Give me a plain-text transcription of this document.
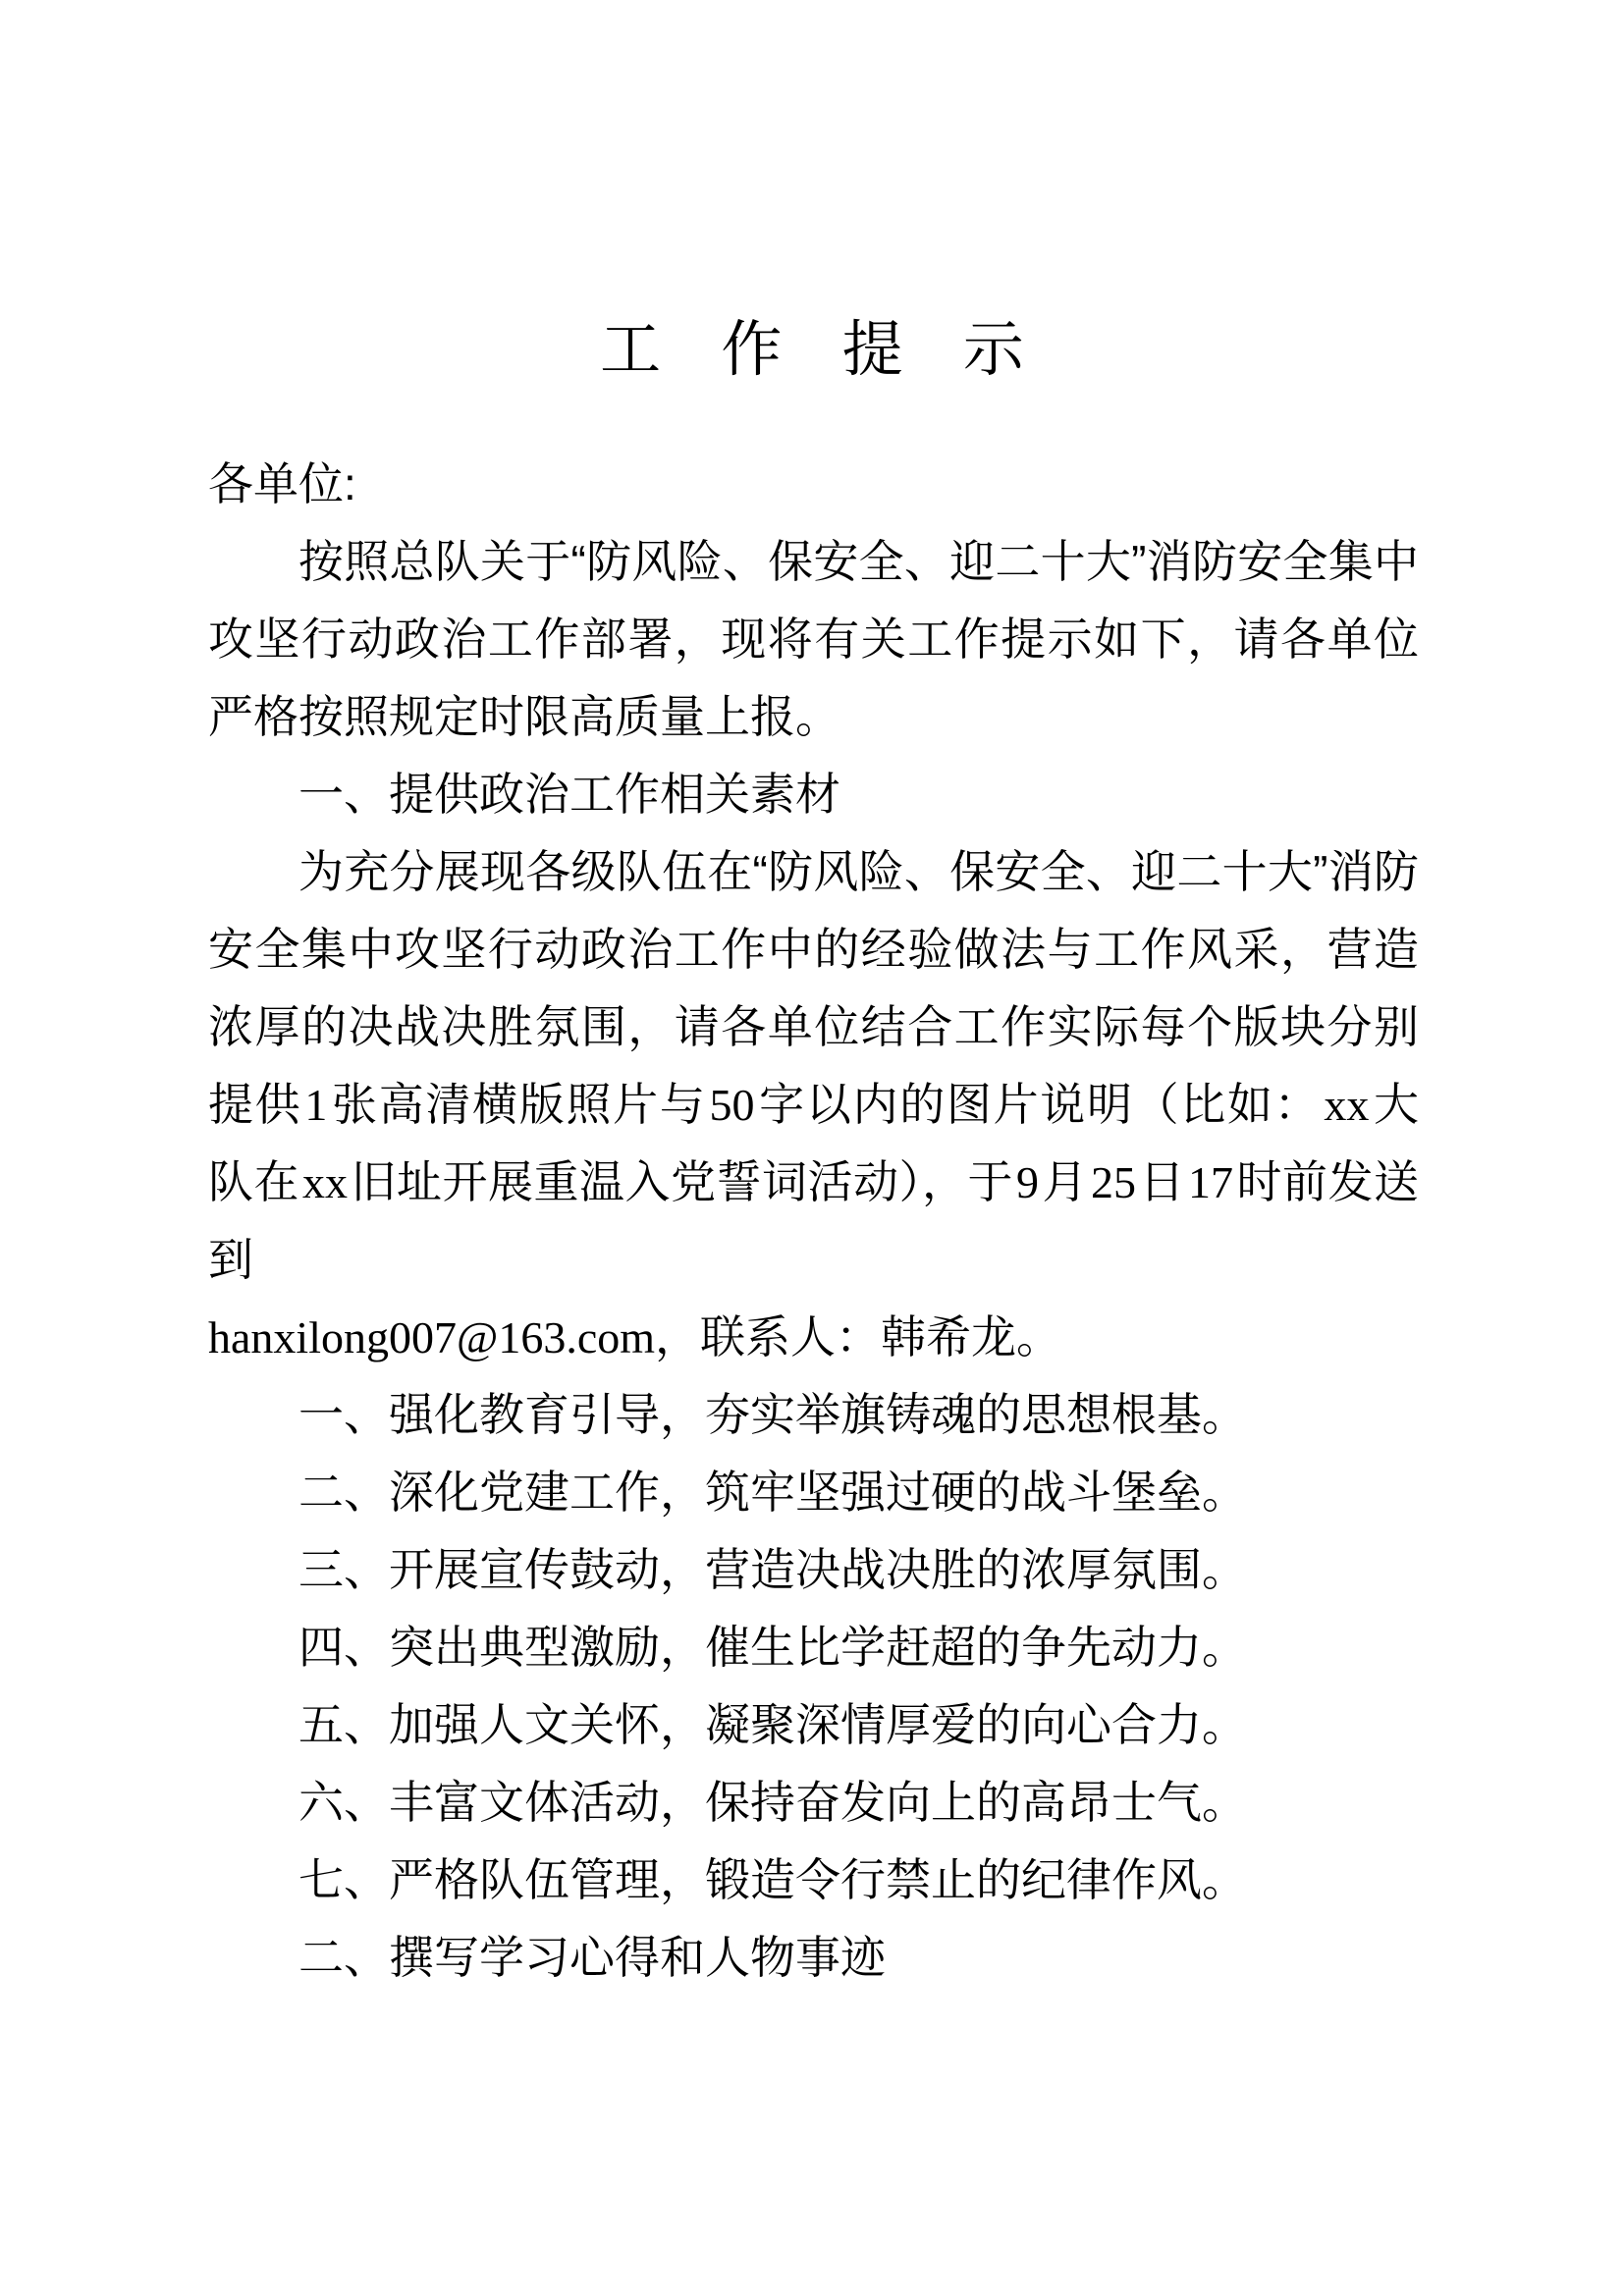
工 作 提 示

各单位:

按照总队关于“防风险、保安全、迎二十大”消防安全集中攻坚行动政治工作部署，现将有关工作提示如下，请各单位严格按照规定时限高质量上报。

一、提供政治工作相关素材

为充分展现各级队伍在“防风险、保安全、迎二十大”消防安全集中攻坚行动政治工作中的经验做法与工作风采，营造浓厚的决战决胜氛围，请各单位结合工作实际每个版块分别提供1张高清横版照片与50字以内的图片说明（比如：xx大队在xx旧址开展重温入党誓词活动），于9月25日17时前发送到

hanxilong007@163.com，联系人：韩希龙。

一、强化教育引导，夯实举旗铸魂的思想根基。

二、深化党建工作，筑牢坚强过硬的战斗堡垒。

三、开展宣传鼓动，营造决战决胜的浓厚氛围。

四、突出典型激励，催生比学赶超的争先动力。

五、加强人文关怀，凝聚深情厚爱的向心合力。

六、丰富文体活动，保持奋发向上的高昂士气。

七、严格队伍管理，锻造令行禁止的纪律作风。

二、撰写学习心得和人物事迹
